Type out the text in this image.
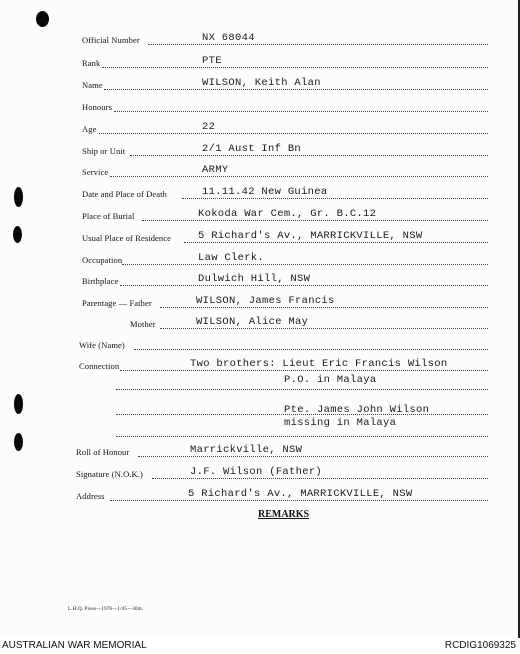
Official Number	NX 68044
Rank	PTE
Name	WILSON, Keith Alan
Honours
Age	22
Ship or Unit	2/1 Aust Inf Bn
Service	ARMY
Date and Place of Death	11.11.42 New Guinea
Place of Burial	Kokoda War Cem., Gr. B.C.12
Usual Place of Residence	5 Richard's Av., MARRICKVILLE, NSW
Occupation	Law Clerk.
Birthplace	Dulwich Hill, NSW
Parentage — Father	WILSON, James Francis
Mother	WILSON, Alice May
Wife (Name)
Connection	Two brothers: Lieut Eric Francis Wilson
P.O. in Malaya
Pte. James John Wilson
missing in Malaya
Roll of Honour	Marrickville, NSW
Signature (N.O.K.)	J.F. Wilson (Father)
Address	5 Richard's Av., MARRICKVILLE, NSW
REMARKS
L.H.Q. Press—1976—1/45—30m.
AUSTRALIAN WAR MEMORIAL	RCDIG1069325
